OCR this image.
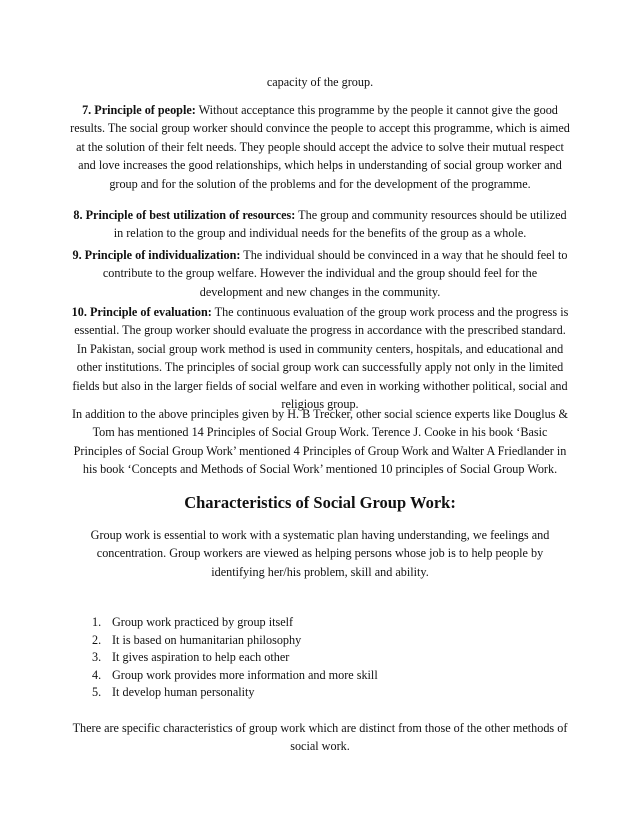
capacity of the group.

7. Principle of people: Without acceptance this programme by the people it cannot give the good results. The social group worker should convince the people to accept this programme, which is aimed at the solution of their felt needs. They people should accept the advice to solve their mutual respect and love increases the good relationships, which helps in understanding of social group worker and group and for the solution of the problems and for the development of the programme.

8. Principle of best utilization of resources: The group and community resources should be utilized in relation to the group and individual needs for the benefits of the group as a whole.

9. Principle of individualization: The individual should be convinced in a way that he should feel to contribute to the group welfare. However the individual and the group should feel for the development and new changes in the community.

10. Principle of evaluation: The continuous evaluation of the group work process and the progress is essential. The group worker should evaluate the progress in accordance with the prescribed standard. In Pakistan, social group work method is used in community centers, hospitals, and educational and other institutions. The principles of social group work can successfully apply not only in the limited fields but also in the larger fields of social welfare and even in working withother political, social and religious group.

In addition to the above principles given by H. B Trecker, other social science experts like Douglus & Tom has mentioned 14 Principles of Social Group Work. Terence J. Cooke in his book ‘Basic Principles of Social Group Work’ mentioned 4 Principles of Group Work and Walter A Friedlander in his book ‘Concepts and Methods of Social Work’ mentioned 10 principles of Social Group Work.

Characteristics of Social Group Work:

Group work is essential to work with a systematic plan having understanding, we feelings and concentration. Group workers are viewed as helping persons whose job is to help people by identifying her/his problem, skill and ability.

1. Group work practiced by group itself
2. It is based on humanitarian philosophy
3. It gives aspiration to help each other
4. Group work provides more information and more skill
5. It develop human personality

There are specific characteristics of group work which are distinct from those of the other methods of social work.
